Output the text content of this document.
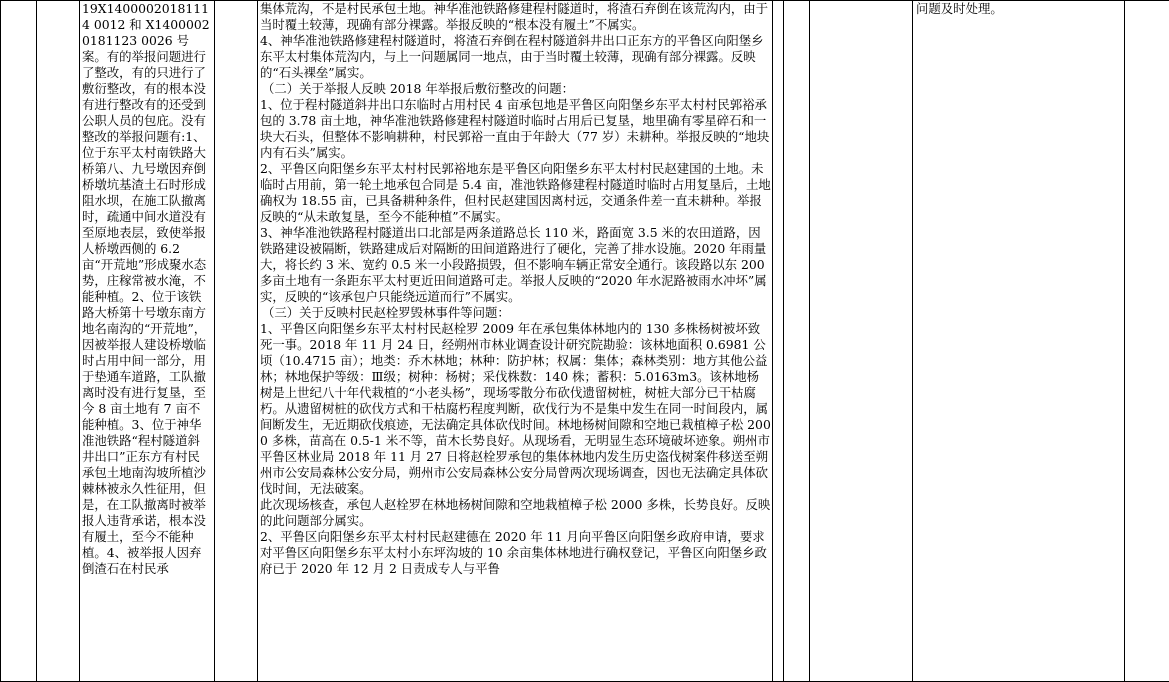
19X14000020181114 0012 和 X14000020181123 0026 号案。有的举报问题进行了整改，有的只进行了敷衍整改，有的根本没有进行整改有的还受到公职人员的包庇。没有整改的举报问题有:1、位于东平太村南铁路大桥第八、九号墩因弃倒桥墩坑基渣土石时形成阻水坝，在施工队撤离时，疏通中间水道没有至原地表层，致使举报人桥墩西侧的 6.2 亩“开荒地”形成聚水态势，庄稼常被水淹，不能种植。2、位于该铁路大桥第十号墩东南方地名南沟的“开荒地”，因被举报人建设桥墩临时占用中间一部分，用于垫通车道路，工队撤离时没有进行复垦，至今 8 亩土地有 7 亩不能种植。3、位于神华准池铁路“程村隧道斜井出口”正东方有村民承包土地南沟坡所植沙棘林被永久性征用，但是，在工队撤离时被举报人违背承诺，根本没有履土，至今不能种植。4、被举报人因弃倒渣石在村民承

集体荒沟，不是村民承包土地。神华准池铁路修建程村隧道时，将渣石弃倒在该荒沟内，由于当时覆土较薄，现确有部分裸露。举报反映的“根本没有履土”不属实。

4、神华准池铁路修建程村隧道时，将渣石弃倒在程村隧道斜井出口正东方的平鲁区向阳堡乡东平太村集体荒沟内，与上一问题属同一地点，由于当时覆土较薄，现确有部分裸露。反映的“石头裸垒”属实。

（二）关于举报人反映 2018 年举报后敷衍整改的问题：

1、位于程村隧道斜井出口东临时占用村民 4 亩承包地是平鲁区向阳堡乡东平太村村民郭裕承包的 3.78 亩土地，神华准池铁路修建程村隧道时临时占用后已复垦，地里确有零星碎石和一块大石头，但整体不影响耕种，村民郭裕一直由于年龄大（77 岁）未耕种。举报反映的“地块内有石头”属实。

2、平鲁区向阳堡乡东平太村村民郭裕地东是平鲁区向阳堡乡东平太村村民赵建国的土地。未临时占用前，第一轮土地承包合同是 5.4 亩，准池铁路修建程村隧道时临时占用复垦后，土地确权为 18.55 亩，已具备耕种条件，但村民赵建国因离村远，交通条件差一直未耕种。举报反映的“从未敢复垦，至今不能种植”不属实。

3、神华准池铁路程村隧道出口北部是两条道路总长 110 米，路面宽 3.5 米的农田道路，因铁路建设被隔断，铁路建成后对隔断的田间道路进行了硬化，完善了排水设施。2020 年雨量大，将长约 3 米、宽约 0.5 米一小段路损毁，但不影响车辆正常安全通行。该段路以东 200 多亩土地有一条距东平太村更近田间道路可走。举报人反映的“2020 年水泥路被雨水冲坏”属实，反映的“该承包户只能绕远道而行”不属实。

（三）关于反映村民赵栓罗毁林事件等问题：

1、平鲁区向阳堡乡东平太村村民赵栓罗 2009 年在承包集体林地内的 130 多株杨树被坏致死一事。2018 年 11 月 24 日，经朔州市林业调查设计研究院勘验：该林地面积 0.6981 公顷（10.4715 亩）；地类：乔木林地；林种：防护林；权属：集体；森林类别：地方其他公益林；林地保护等级：Ⅲ级；树种：杨树；采伐株数：140 株；蓄积：5.0163m3。该林地杨树是上世纪八十年代栽植的“小老头杨”，现场零散分布砍伐遗留树桩，树桩大部分已干枯腐朽。从遗留树桩的砍伐方式和干枯腐朽程度判断，砍伐行为不是集中发生在同一时间段内，属间断发生，无近期砍伐痕迹，无法确定具体砍伐时间。林地杨树间隙和空地已栽植樟子松 2000 多株，苗高在 0.5-1 米不等，苗木长势良好。从现场看，无明显生态环境破坏迹象。朔州市平鲁区林业局 2018 年 11 月 27 日将赵栓罗承包的集体林地内发生历史盗伐树案件移送至朔州市公安局森林公安分局，朔州市公安局森林公安分局曾两次现场调查，因也无法确定具体砍伐时间，无法破案。

此次现场核查，承包人赵栓罗在林地杨树间隙和空地栽植樟子松 2000 多株，长势良好。反映的此问题部分属实。

2、平鲁区向阳堡乡东平太村村民赵建德在 2020 年 11 月向平鲁区向阳堡乡政府申请，要求对平鲁区向阳堡乡东平太村小东坪沟坡的 10 余亩集体林地进行确权登记，平鲁区向阳堡乡政府已于 2020 年 12 月 2 日责成专人与平鲁

问题及时处理。
